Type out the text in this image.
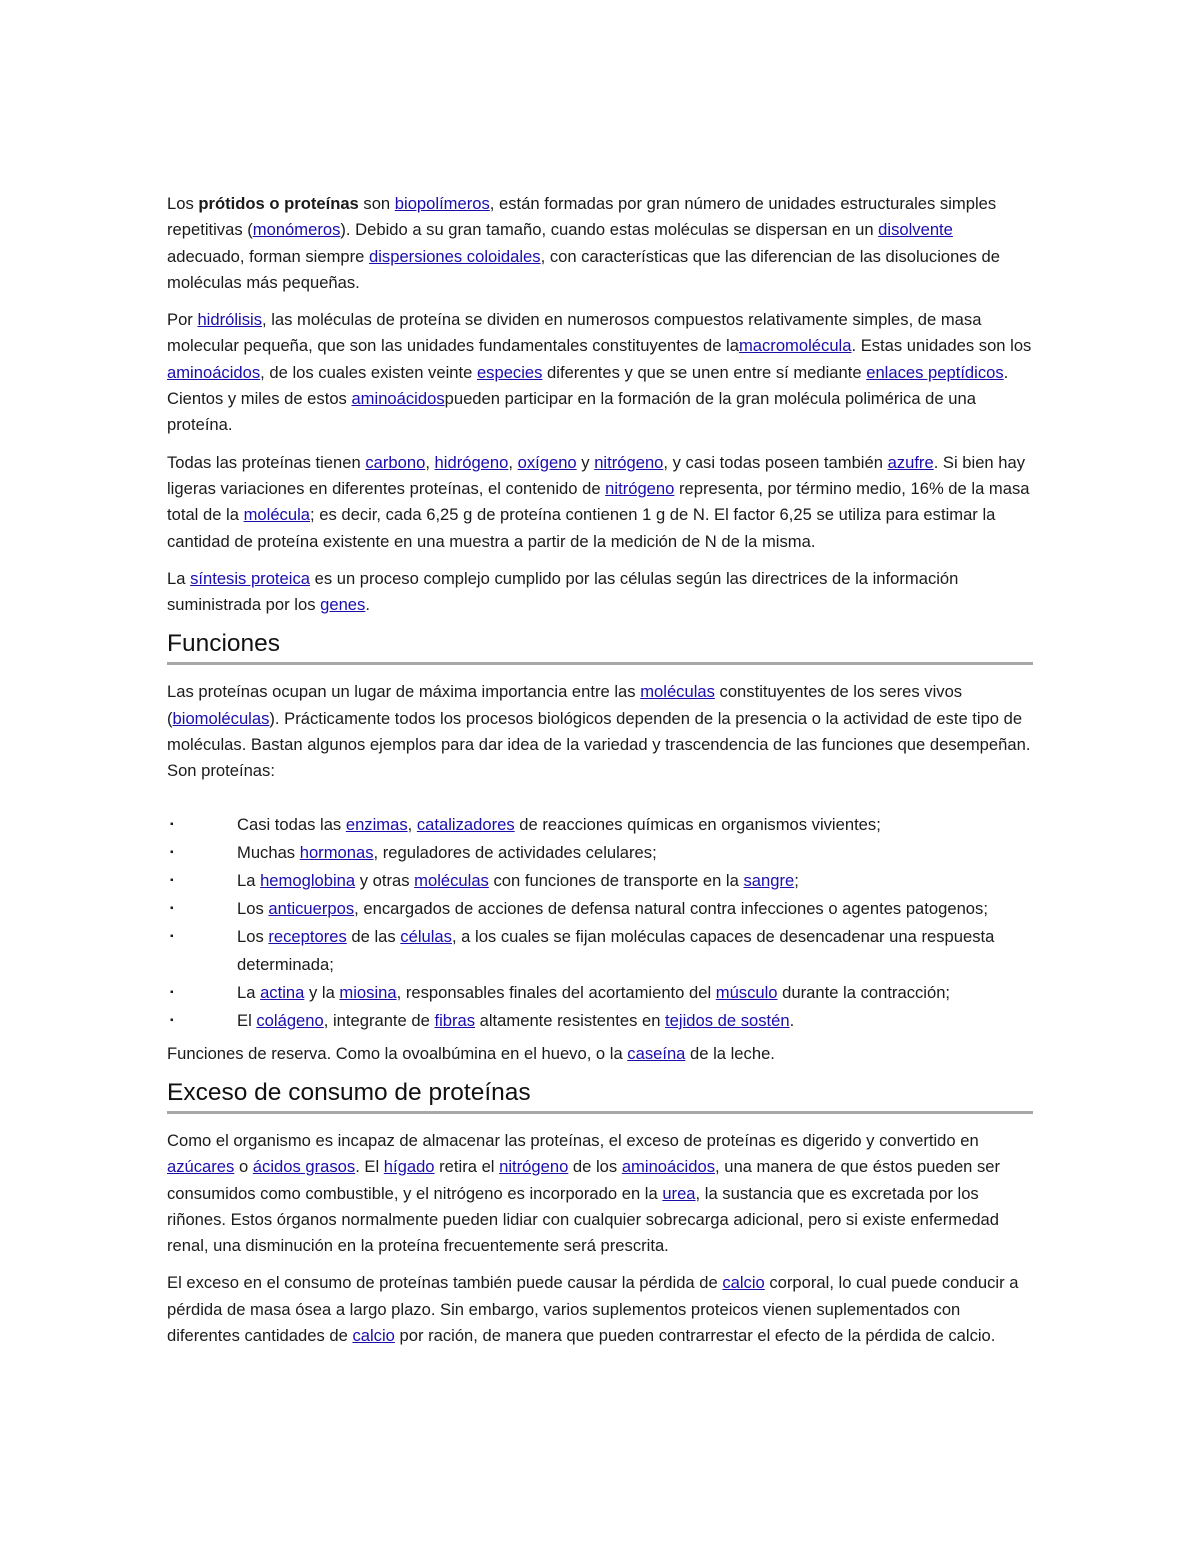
Los prótidos o proteínas son biopolímeros, están formadas por gran número de unidades estructurales simples repetitivas (monómeros). Debido a su gran tamaño, cuando estas moléculas se dispersan en un disolvente adecuado, forman siempre dispersiones coloidales, con características que las diferencian de las disoluciones de moléculas más pequeñas.

Por hidrólisis, las moléculas de proteína se dividen en numerosos compuestos relativamente simples, de masa molecular pequeña, que son las unidades fundamentales constituyentes de lamacromolécula. Estas unidades son los aminoácidos, de los cuales existen veinte especies diferentes y que se unen entre sí mediante enlaces peptídicos. Cientos y miles de estos aminoácidospueden participar en la formación de la gran molécula polimérica de una proteína.

Todas las proteínas tienen carbono, hidrógeno, oxígeno y nitrógeno, y casi todas poseen también azufre. Si bien hay ligeras variaciones en diferentes proteínas, el contenido de nitrógeno representa, por término medio, 16% de la masa total de la molécula; es decir, cada 6,25 g de proteína contienen 1 g de N. El factor 6,25 se utiliza para estimar la cantidad de proteína existente en una muestra a partir de la medición de N de la misma.

La síntesis proteica es un proceso complejo cumplido por las células según las directrices de la información suministrada por los genes.

Funciones

Las proteínas ocupan un lugar de máxima importancia entre las moléculas constituyentes de los seres vivos (biomoléculas). Prácticamente todos los procesos biológicos dependen de la presencia o la actividad de este tipo de moléculas. Bastan algunos ejemplos para dar idea de la variedad y trascendencia de las funciones que desempeñan. Son proteínas:

▪	Casi todas las enzimas, catalizadores de reacciones químicas en organismos vivientes;
▪	Muchas hormonas, reguladores de actividades celulares;
▪	La hemoglobina y otras moléculas con funciones de transporte en la sangre;
▪	Los anticuerpos, encargados de acciones de defensa natural contra infecciones o agentes patogenos;
▪	Los receptores de las células, a los cuales se fijan moléculas capaces de desencadenar una respuesta determinada;
▪	La actina y la miosina, responsables finales del acortamiento del músculo durante la contracción;
▪	El colágeno, integrante de fibras altamente resistentes en tejidos de sostén.

Funciones de reserva. Como la ovoalbúmina en el huevo, o la caseína de la leche.

Exceso de consumo de proteínas

Como el organismo es incapaz de almacenar las proteínas, el exceso de proteínas es digerido y convertido en azúcares o ácidos grasos. El hígado retira el nitrógeno de los aminoácidos, una manera de que éstos pueden ser consumidos como combustible, y el nitrógeno es incorporado en la urea, la sustancia que es excretada por los riñones. Estos órganos normalmente pueden lidiar con cualquier sobrecarga adicional, pero si existe enfermedad renal, una disminución en la proteína frecuentemente será prescrita.

El exceso en el consumo de proteínas también puede causar la pérdida de calcio corporal, lo cual puede conducir a pérdida de masa ósea a largo plazo. Sin embargo, varios suplementos proteicos vienen suplementados con diferentes cantidades de calcio por ración, de manera que pueden contrarrestar el efecto de la pérdida de calcio.
